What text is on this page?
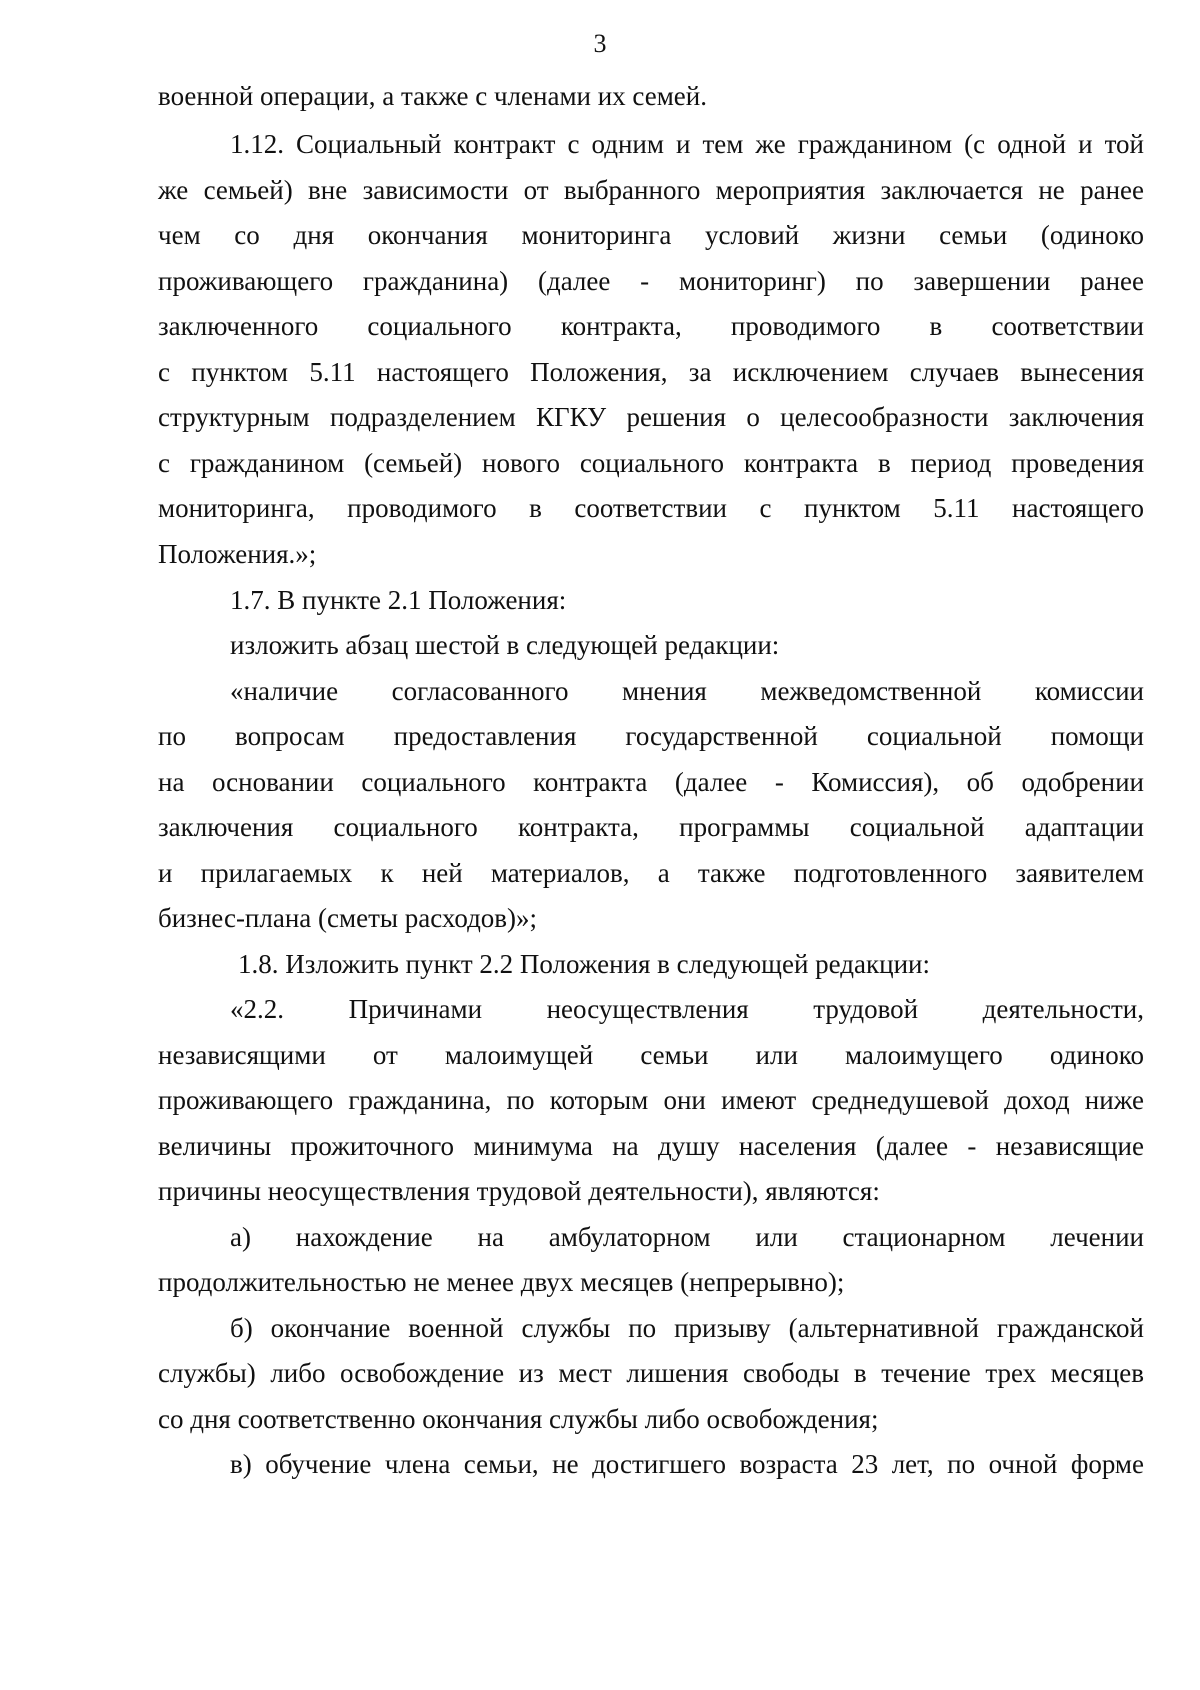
3
военной операции, а также с членами их семей.
1.12. Социальный контракт с одним и тем же гражданином (с одной и той
же семьей) вне зависимости от выбранного мероприятия заключается не ранее
чем со дня окончания мониторинга условий жизни семьи (одиноко
проживающего гражданина) (далее - мониторинг) по завершении ранее
заключенного социального контракта, проводимого в соответствии
с пунктом 5.11 настоящего Положения, за исключением случаев вынесения
структурным подразделением КГКУ решения о целесообразности заключения
с гражданином (семьей) нового социального контракта в период проведения
мониторинга, проводимого в соответствии с пунктом 5.11 настоящего
Положения.»;
1.7. В пункте 2.1 Положения:
изложить абзац шестой в следующей редакции:
«наличие согласованного мнения межведомственной комиссии
по вопросам предоставления государственной социальной помощи
на основании социального контракта (далее - Комиссия), об одобрении
заключения социального контракта, программы социальной адаптации
и прилагаемых к ней материалов, а также подготовленного заявителем
бизнес-плана (сметы расходов)»;
1.8. Изложить пункт 2.2 Положения в следующей редакции:
«2.2. Причинами неосуществления трудовой деятельности,
независящими от малоимущей семьи или малоимущего одиноко
проживающего гражданина, по которым они имеют среднедушевой доход ниже
величины прожиточного минимума на душу населения (далее - независящие
причины неосуществления трудовой деятельности), являются:
а) нахождение на амбулаторном или стационарном лечении
продолжительностью не менее двух месяцев (непрерывно);
б) окончание военной службы по призыву (альтернативной гражданской
службы) либо освобождение из мест лишения свободы в течение трех месяцев
со дня соответственно окончания службы либо освобождения;
в) обучение члена семьи, не достигшего возраста 23 лет, по очной форме
